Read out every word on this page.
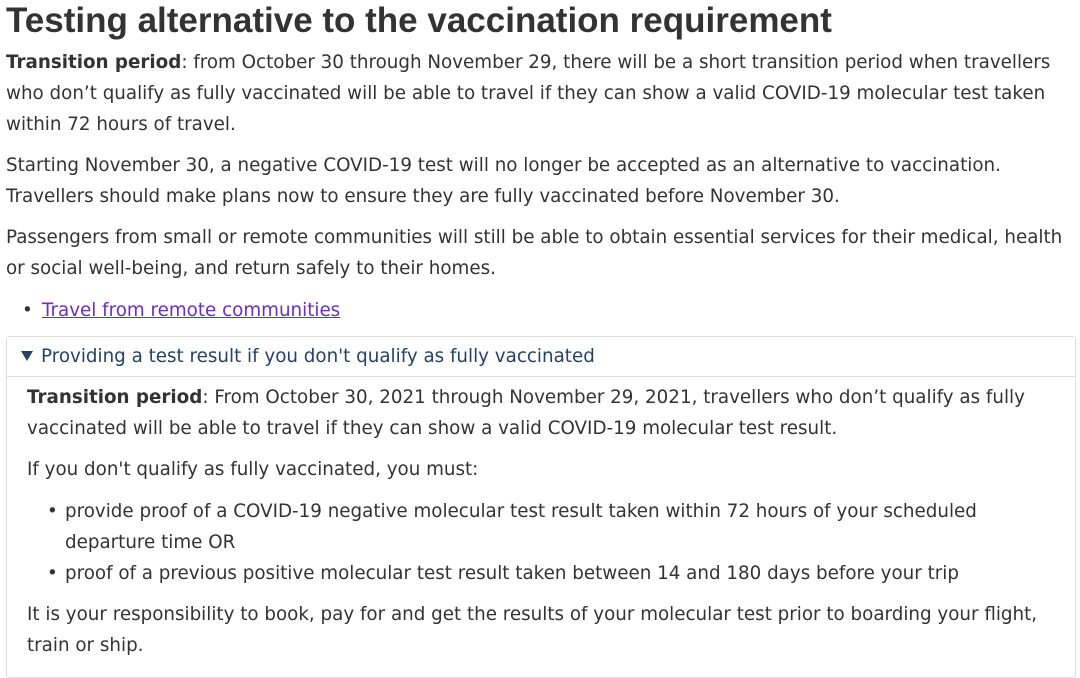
Testing alternative to the vaccination requirement

Transition period: from October 30 through November 29, there will be a short transition period when travellers who don’t qualify as fully vaccinated will be able to travel if they can show a valid COVID-19 molecular test taken within 72 hours of travel.

Starting November 30, a negative COVID-19 test will no longer be accepted as an alternative to vaccination. Travellers should make plans now to ensure they are fully vaccinated before November 30.

Passengers from small or remote communities will still be able to obtain essential services for their medical, health or social well-being, and return safely to their homes.

• Travel from remote communities
Providing a test result if you don't qualify as fully vaccinated

Transition period: From October 30, 2021 through November 29, 2021, travellers who don’t qualify as fully vaccinated will be able to travel if they can show a valid COVID-19 molecular test result.

If you don't qualify as fully vaccinated, you must:

• provide proof of a COVID-19 negative molecular test result taken within 72 hours of your scheduled departure time OR
• proof of a previous positive molecular test result taken between 14 and 180 days before your trip

It is your responsibility to book, pay for and get the results of your molecular test prior to boarding your flight, train or ship.
